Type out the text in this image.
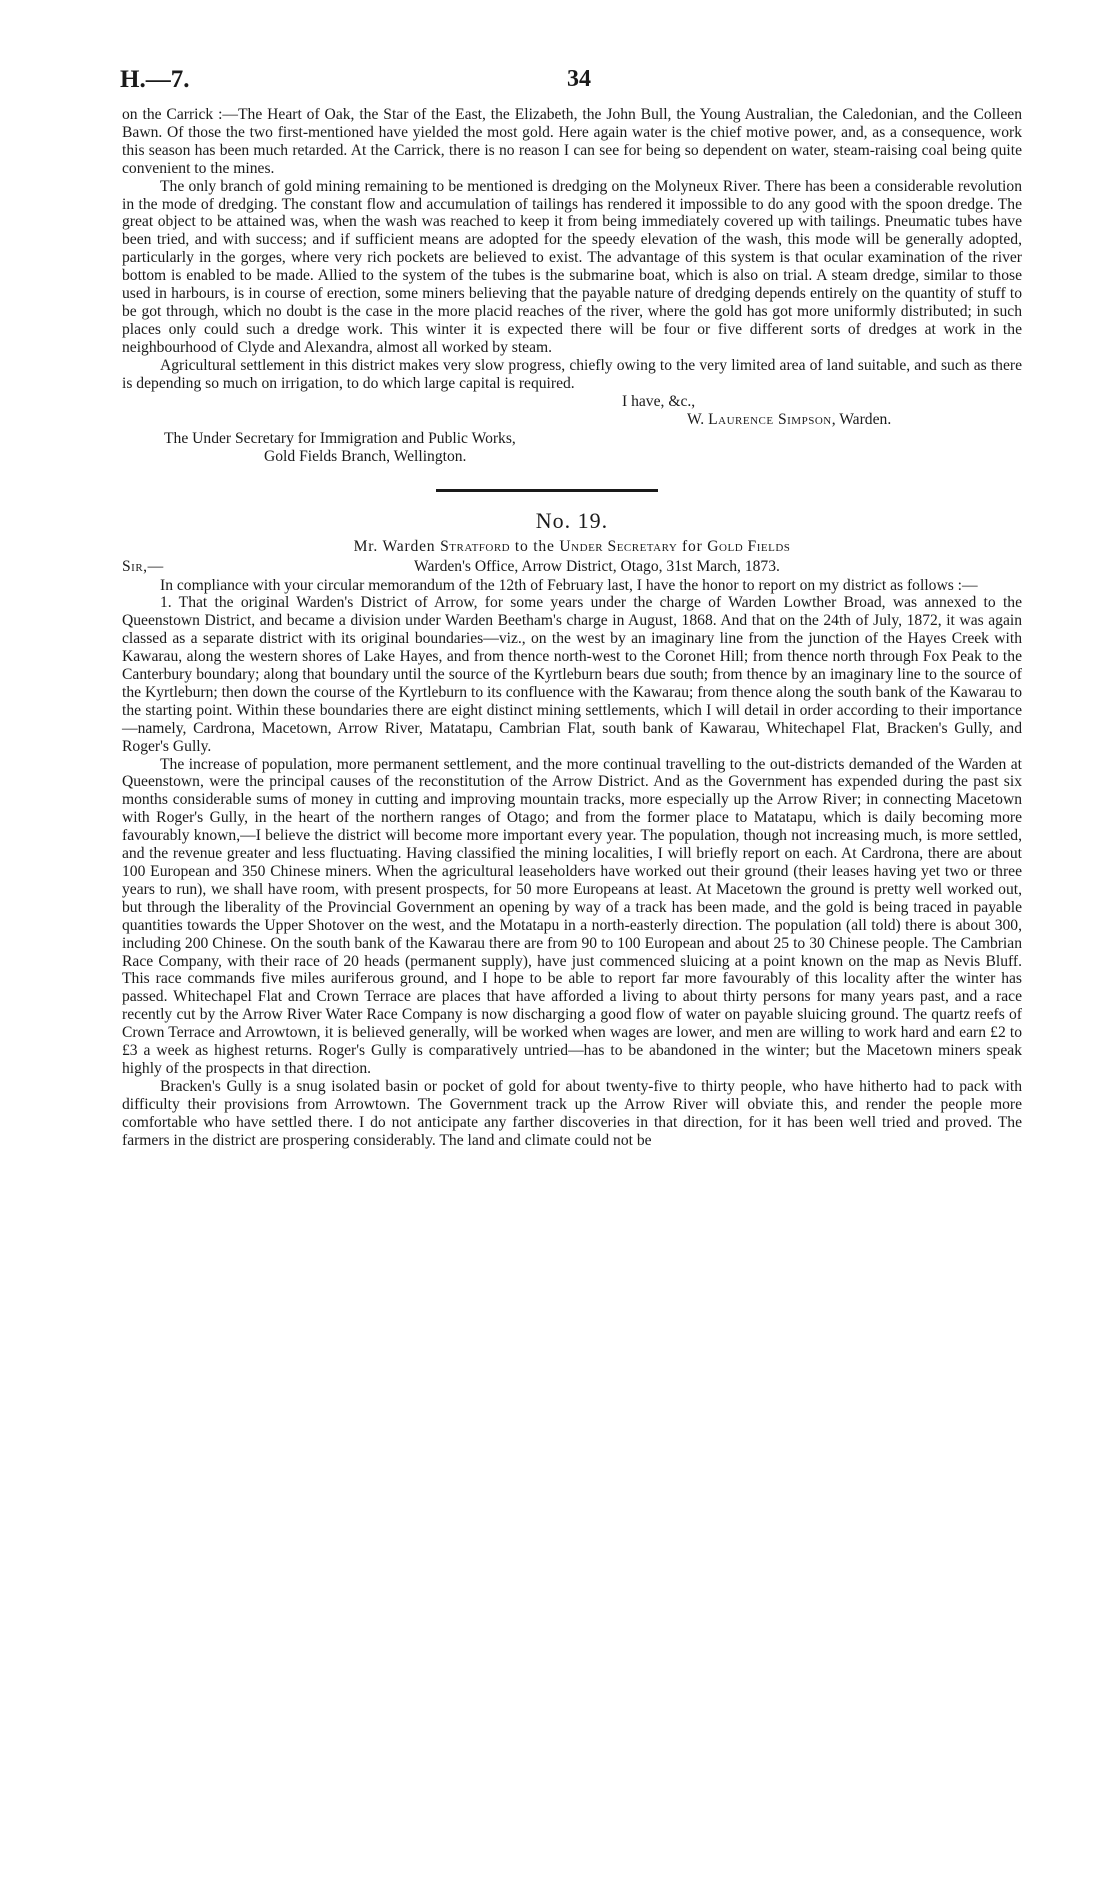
H.—7.	34

on the Carrick :—The Heart of Oak, the Star of the East, the Elizabeth, the John Bull, the Young Australian, the Caledonian, and the Colleen Bawn. Of those the two first-mentioned have yielded the most gold. Here again water is the chief motive power, and, as a consequence, work this season has been much retarded. At the Carrick, there is no reason I can see for being so dependent on water, steam-raising coal being quite convenient to the mines.

The only branch of gold mining remaining to be mentioned is dredging on the Molyneux River. There has been a considerable revolution in the mode of dredging. The constant flow and accumulation of tailings has rendered it impossible to do any good with the spoon dredge. The great object to be attained was, when the wash was reached to keep it from being immediately covered up with tailings. Pneumatic tubes have been tried, and with success; and if sufficient means are adopted for the speedy elevation of the wash, this mode will be generally adopted, particularly in the gorges, where very rich pockets are believed to exist. The advantage of this system is that ocular examination of the river bottom is enabled to be made. Allied to the system of the tubes is the submarine boat, which is also on trial. A steam dredge, similar to those used in harbours, is in course of erection, some miners believing that the payable nature of dredging depends entirely on the quantity of stuff to be got through, which no doubt is the case in the more placid reaches of the river, where the gold has got more uniformly distributed; in such places only could such a dredge work. This winter it is expected there will be four or five different sorts of dredges at work in the neighbourhood of Clyde and Alexandra, almost all worked by steam.

Agricultural settlement in this district makes very slow progress, chiefly owing to the very limited area of land suitable, and such as there is depending so much on irrigation, to do which large capital is required.

I have, &c.,
W. Laurence Simpson, Warden.
The Under Secretary for Immigration and Public Works,
Gold Fields Branch, Wellington.
No. 19.
Mr. Warden Stratford to the Under Secretary for Gold Fields
Sir,—	Warden's Office, Arrow District, Otago, 31st March, 1873.

In compliance with your circular memorandum of the 12th of February last, I have the honor to report on my district as follows :—

1. That the original Warden's District of Arrow, for some years under the charge of Warden Lowther Broad, was annexed to the Queenstown District, and became a division under Warden Beetham's charge in August, 1868. And that on the 24th of July, 1872, it was again classed as a separate district with its original boundaries—viz., on the west by an imaginary line from the junction of the Hayes Creek with Kawarau, along the western shores of Lake Hayes, and from thence north-west to the Coronet Hill; from thence north through Fox Peak to the Canterbury boundary; along that boundary until the source of the Kyrtleburn bears due south; from thence by an imaginary line to the source of the Kyrtleburn; then down the course of the Kyrtleburn to its confluence with the Kawarau; from thence along the south bank of the Kawarau to the starting point. Within these boundaries there are eight distinct mining settlements, which I will detail in order according to their importance—namely, Cardrona, Macetown, Arrow River, Matatapu, Cambrian Flat, south bank of Kawarau, Whitechapel Flat, Bracken's Gully, and Roger's Gully.

The increase of population, more permanent settlement, and the more continual travelling to the out-districts demanded of the Warden at Queenstown, were the principal causes of the reconstitution of the Arrow District. And as the Government has expended during the past six months considerable sums of money in cutting and improving mountain tracks, more especially up the Arrow River; in connecting Macetown with Roger's Gully, in the heart of the northern ranges of Otago; and from the former place to Matatapu, which is daily becoming more favourably known,—I believe the district will become more important every year. The population, though not increasing much, is more settled, and the revenue greater and less fluctuating. Having classified the mining localities, I will briefly report on each. At Cardrona, there are about 100 European and 350 Chinese miners. When the agricultural leaseholders have worked out their ground (their leases having yet two or three years to run), we shall have room, with present prospects, for 50 more Europeans at least. At Macetown the ground is pretty well worked out, but through the liberality of the Provincial Government an opening by way of a track has been made, and the gold is being traced in payable quantities towards the Upper Shotover on the west, and the Motatapu in a north-easterly direction. The population (all told) there is about 300, including 200 Chinese. On the south bank of the Kawarau there are from 90 to 100 European and about 25 to 30 Chinese people. The Cambrian Race Company, with their race of 20 heads (permanent supply), have just commenced sluicing at a point known on the map as Nevis Bluff. This race commands five miles auriferous ground, and I hope to be able to report far more favourably of this locality after the winter has passed. Whitechapel Flat and Crown Terrace are places that have afforded a living to about thirty persons for many years past, and a race recently cut by the Arrow River Water Race Company is now discharging a good flow of water on payable sluicing ground. The quartz reefs of Crown Terrace and Arrowtown, it is believed generally, will be worked when wages are lower, and men are willing to work hard and earn £2 to £3 a week as highest returns. Roger's Gully is comparatively untried—has to be abandoned in the winter; but the Macetown miners speak highly of the prospects in that direction.

Bracken's Gully is a snug isolated basin or pocket of gold for about twenty-five to thirty people, who have hitherto had to pack with difficulty their provisions from Arrowtown. The Government track up the Arrow River will obviate this, and render the people more comfortable who have settled there. I do not anticipate any farther discoveries in that direction, for it has been well tried and proved. The farmers in the district are prospering considerably. The land and climate could not be
